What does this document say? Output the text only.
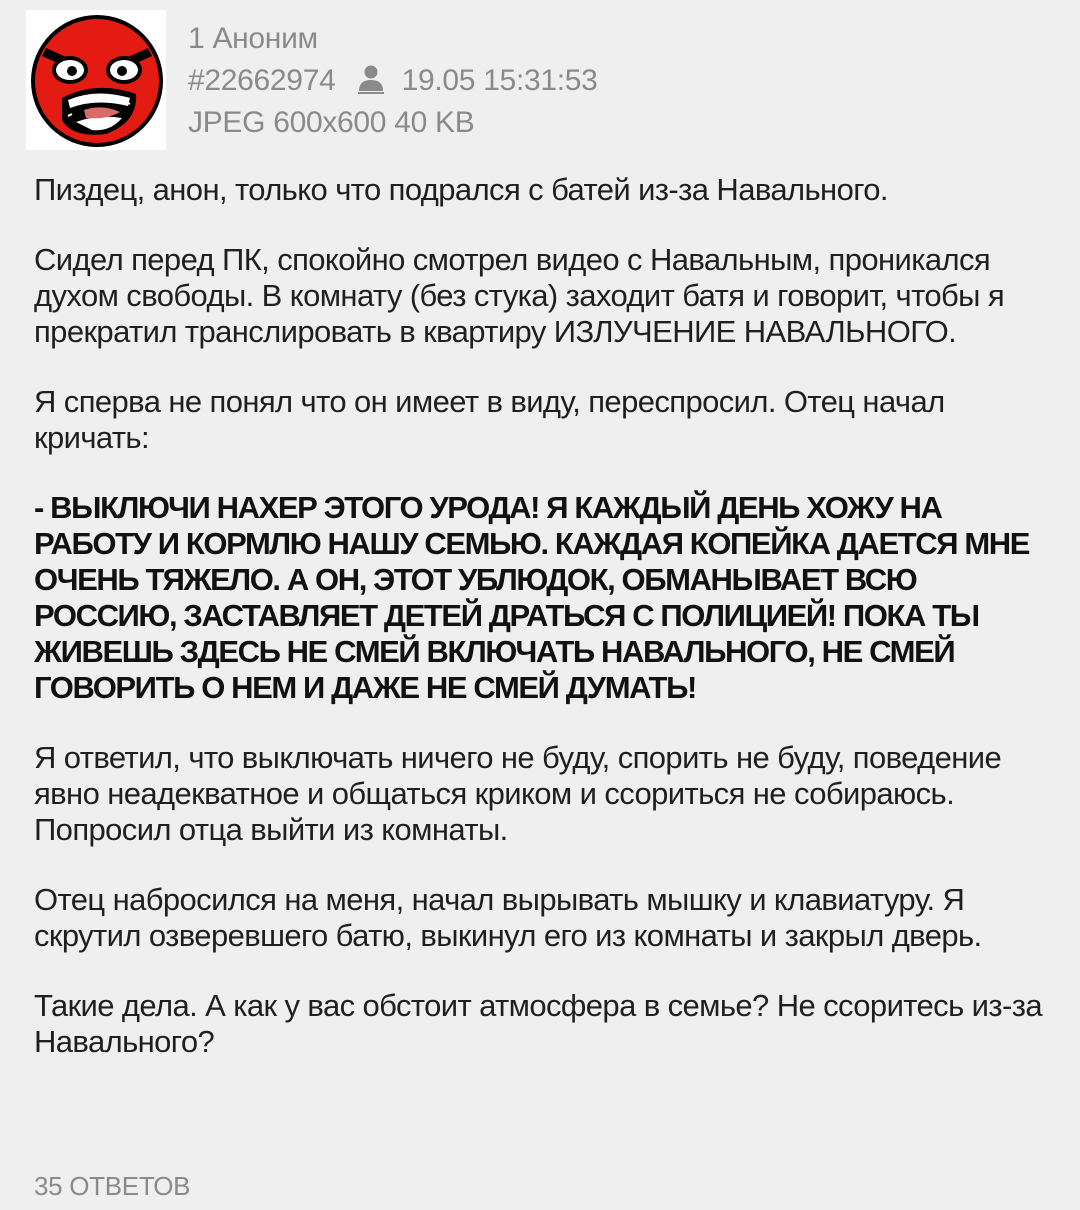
1 Аноним
#22662974 19.05 15:31:53
JPEG 600x600 40 KB

Пиздец, анон, только что подрался с батей из-за Навального.

Сидел перед ПК, спокойно смотрел видео с Навальным, проникался духом свободы. В комнату (без стука) заходит батя и говорит, чтобы я прекратил транслировать в квартиру ИЗЛУЧЕНИЕ НАВАЛЬНОГО.

Я сперва не понял что он имеет в виду, переспросил. Отец начал кричать:

- ВЫКЛЮЧИ НАХЕР ЭТОГО УРОДА! Я КАЖДЫЙ ДЕНЬ ХОЖУ НА РАБОТУ И КОРМЛЮ НАШУ СЕМЬЮ. КАЖДАЯ КОПЕЙКА ДАЕТСЯ МНЕ ОЧЕНЬ ТЯЖЕЛО. А ОН, ЭТОТ УБЛЮДОК, ОБМАНЫВАЕТ ВСЮ РОССИЮ, ЗАСТАВЛЯЕТ ДЕТЕЙ ДРАТЬСЯ С ПОЛИЦИЕЙ! ПОКА ТЫ ЖИВЕШЬ ЗДЕСЬ НЕ СМЕЙ ВКЛЮЧАТЬ НАВАЛЬНОГО, НЕ СМЕЙ ГОВОРИТЬ О НЕМ И ДАЖЕ НЕ СМЕЙ ДУМАТЬ!

Я ответил, что выключать ничего не буду, спорить не буду, поведение явно неадекватное и общаться криком и ссориться не собираюсь. Попросил отца выйти из комнаты.

Отец набросился на меня, начал вырывать мышку и клавиатуру. Я скрутил озверевшего батю, выкинул его из комнаты и закрыл дверь.

Такие дела. А как у вас обстоит атмосфера в семье? Не ссоритесь из-за Навального?

35 ОТВЕТОВ
